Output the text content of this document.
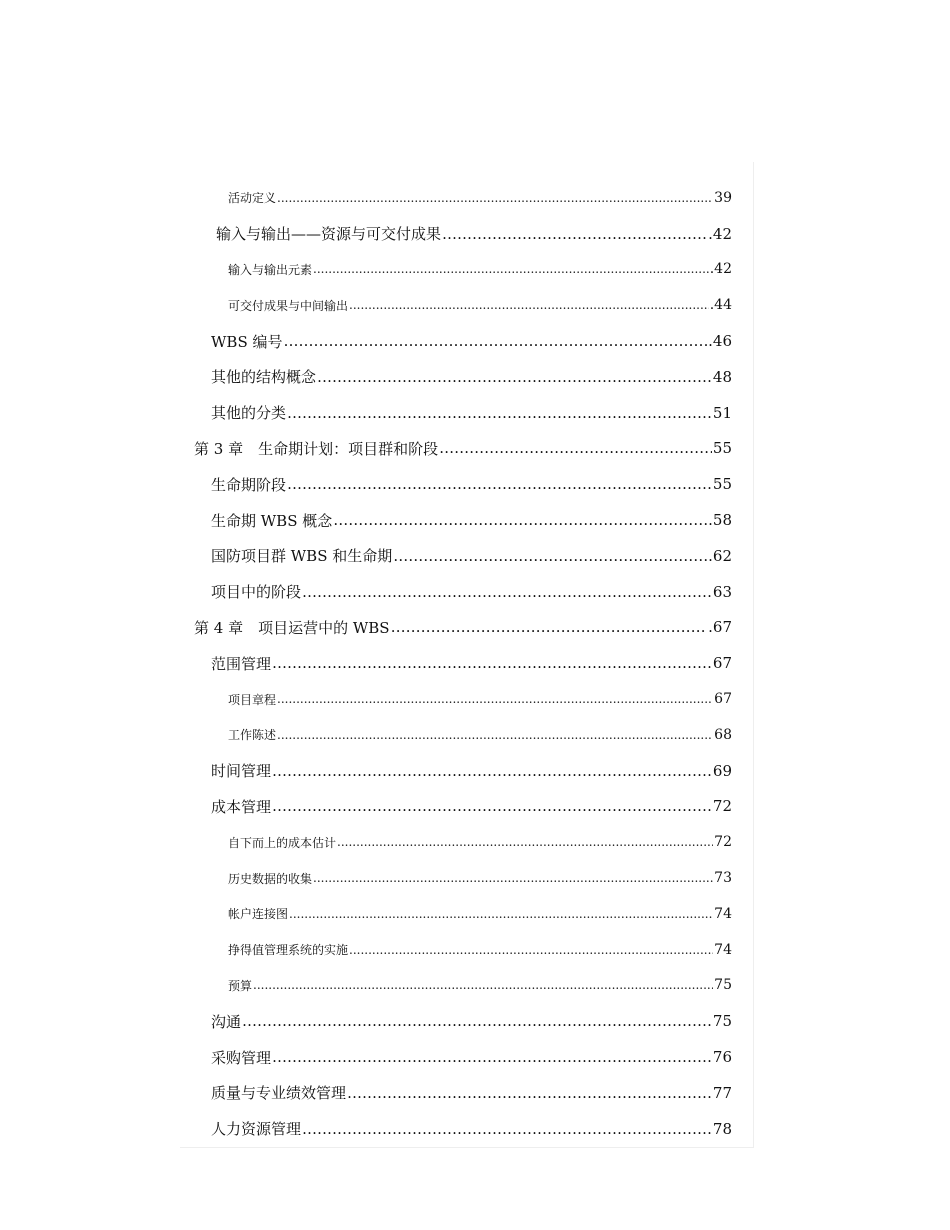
活动定义 .....	39
输入与输出——资源与可交付成果 ……………………………………………………………………………………………………………………………………………………………………………………………………	.42
输入与输出元素 .....	.42
可交付成果与中间输出 .....	.44
WBS 编号 ……………………………………………………………………………………………………………………………………………………………………………………………………	.46
其他的结构概念 ……………………………………………………………………………………………………………………………………………………………………………………………………	48
其他的分类 ……………………………………………………………………………………………………………………………………………………………………………………………………	51
第 3 章　生命期计划：项目群和阶段 ……………………………………………………………………………………………………………………………………………………………………………………………………	55
生命期阶段 ……………………………………………………………………………………………………………………………………………………………………………………………………	55
生命期 WBS 概念 ……………………………………………………………………………………………………………………………………………………………………………………………………	.58
国防项目群 WBS 和生命期 ……………………………………………………………………………………………………………………………………………………………………………………………………	.62
项目中的阶段 ……………………………………………………………………………………………………………………………………………………………………………………………………	63
第 4 章　项目运营中的 WBS ……………………………………………………………………………………………………………………………………………………………………………………………………	.67
范围管理 ……………………………………………………………………………………………………………………………………………………………………………………………………	67
项目章程 .....	67
工作陈述 .....	68
时间管理 ……………………………………………………………………………………………………………………………………………………………………………………………………	69
成本管理 ……………………………………………………………………………………………………………………………………………………………………………………………………	72
自下而上的成本估计 .....	72
历史数据的收集 .....	73
帐户连接图 .....	74
挣得值管理系统的实施 .....	74
预算 .....	75
沟通 ……………………………………………………………………………………………………………………………………………………………………………………………………	75
采购管理 ……………………………………………………………………………………………………………………………………………………………………………………………………	76
质量与专业绩效管理 ……………………………………………………………………………………………………………………………………………………………………………………………………	77
人力资源管理 ……………………………………………………………………………………………………………………………………………………………………………………………………	78
